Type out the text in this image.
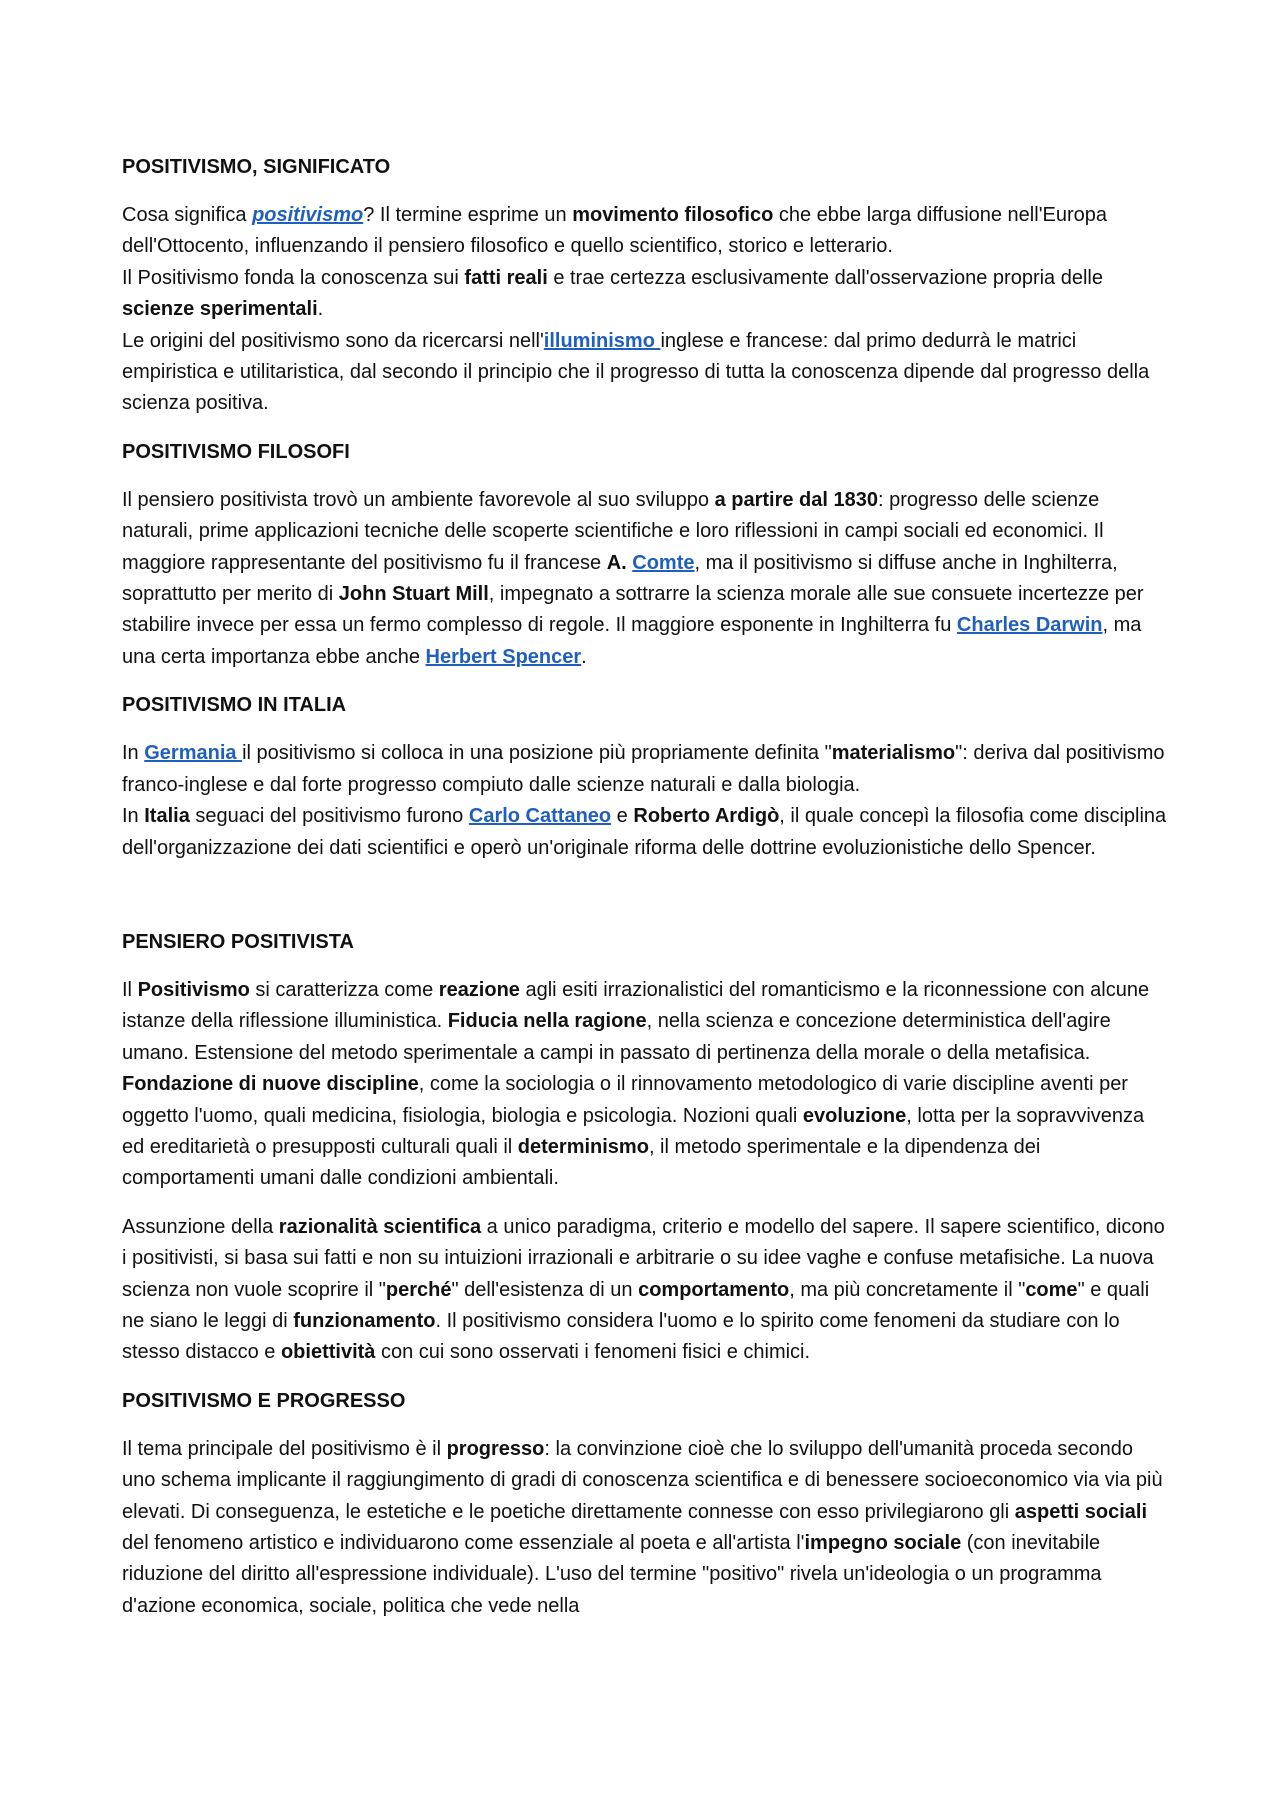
POSITIVISMO, SIGNIFICATO

Cosa significa positivismo? Il termine esprime un movimento filosofico che ebbe larga diffusione nell'Europa dell'Ottocento, influenzando il pensiero filosofico e quello scientifico, storico e letterario.
Il Positivismo fonda la conoscenza sui fatti reali e trae certezza esclusivamente dall'osservazione propria delle scienze sperimentali.
Le origini del positivismo sono da ricercarsi nell'illuminismo inglese e francese: dal primo dedurrà le matrici empiristica e utilitaristica, dal secondo il principio che il progresso di tutta la conoscenza dipende dal progresso della scienza positiva.

POSITIVISMO FILOSOFI

Il pensiero positivista trovò un ambiente favorevole al suo sviluppo a partire dal 1830: progresso delle scienze naturali, prime applicazioni tecniche delle scoperte scientifiche e loro riflessioni in campi sociali ed economici. Il maggiore rappresentante del positivismo fu il francese A. Comte, ma il positivismo si diffuse anche in Inghilterra, soprattutto per merito di John Stuart Mill, impegnato a sottrarre la scienza morale alle sue consuete incertezze per stabilire invece per essa un fermo complesso di regole. Il maggiore esponente in Inghilterra fu Charles Darwin, ma una certa importanza ebbe anche Herbert Spencer.

POSITIVISMO IN ITALIA

In Germania il positivismo si colloca in una posizione più propriamente definita "materialismo": deriva dal positivismo franco-inglese e dal forte progresso compiuto dalle scienze naturali e dalla biologia.
In Italia seguaci del positivismo furono Carlo Cattaneo e Roberto Ardigò, il quale concepì la filosofia come disciplina dell'organizzazione dei dati scientifici e operò un'originale riforma delle dottrine evoluzionistiche dello Spencer.

PENSIERO POSITIVISTA

Il Positivismo si caratterizza come reazione agli esiti irrazionalistici del romanticismo e la riconnessione con alcune istanze della riflessione illuministica. Fiducia nella ragione, nella scienza e concezione deterministica dell'agire umano. Estensione del metodo sperimentale a campi in passato di pertinenza della morale o della metafisica. Fondazione di nuove discipline, come la sociologia o il rinnovamento metodologico di varie discipline aventi per oggetto l'uomo, quali medicina, fisiologia, biologia e psicologia. Nozioni quali evoluzione, lotta per la sopravvivenza ed ereditarietà o presupposti culturali quali il determinismo, il metodo sperimentale e la dipendenza dei comportamenti umani dalle condizioni ambientali.

Assunzione della razionalità scientifica a unico paradigma, criterio e modello del sapere. Il sapere scientifico, dicono i positivisti, si basa sui fatti e non su intuizioni irrazionali e arbitrarie o su idee vaghe e confuse metafisiche. La nuova scienza non vuole scoprire il "perché" dell'esistenza di un comportamento, ma più concretamente il "come" e quali ne siano le leggi di funzionamento. Il positivismo considera l'uomo e lo spirito come fenomeni da studiare con lo stesso distacco e obiettività con cui sono osservati i fenomeni fisici e chimici.

POSITIVISMO E PROGRESSO

Il tema principale del positivismo è il progresso: la convinzione cioè che lo sviluppo dell'umanità proceda secondo uno schema implicante il raggiungimento di gradi di conoscenza scientifica e di benessere socioeconomico via via più elevati. Di conseguenza, le estetiche e le poetiche direttamente connesse con esso privilegiarono gli aspetti sociali del fenomeno artistico e individuarono come essenziale al poeta e all'artista l'impegno sociale (con inevitabile riduzione del diritto all'espressione individuale). L'uso del termine "positivo" rivela un'ideologia o un programma d'azione economica, sociale, politica che vede nella
